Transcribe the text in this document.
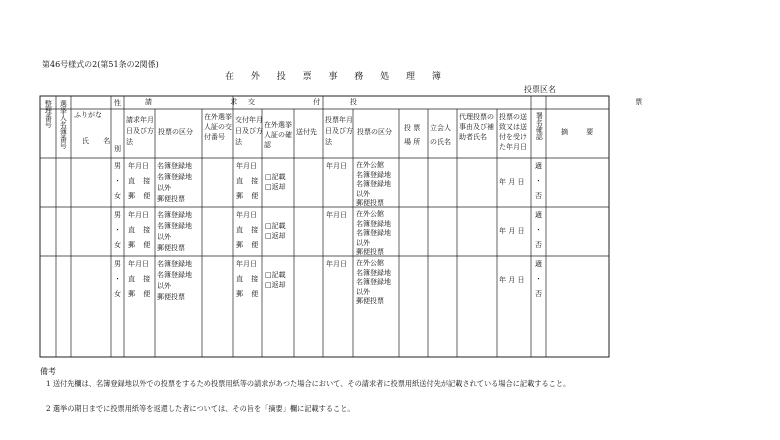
第46号様式の2(第51条の2関係)
在 外 投 票 事 務 処 理 簿
投票区名
整理番号 選挙人名簿番号 ふりがな
氏 名
性
別
請 求
交 付 投 票
請求年月日及び方法
投票の区分
在外選挙人証の交付番号
交付年月日及び方法
在外選挙人証の確認
送付先
投票年月日及び方法
投票の区分 投 票 場 所
立会人の氏名
代理投票の事由及び補助者氏名
投票の送致又は送付を受けた年月日
署名確認	摘 要
男
・
女
年月日
直 接
郵 便
名簿登録地
名簿登録地
以外
郵便投票
年月日
直 接
郵 便
□記載
□返却
年月日 在外公館
名簿登録地
名簿登録地
以外
郵便投票
年 月 日
適
・
否
男
・
女
年月日
直 接
郵 便
名簿登録地
名簿登録地
以外
郵便投票
年月日
直 接
郵 便
□記載
□返却
年月日 在外公館
名簿登録地
名簿登録地
以外
郵便投票
年 月 日
適
・
否
男
・
女
年月日
直 接
郵 便
名簿登録地
名簿登録地
以外
郵便投票
年月日
直 接
郵 便
□記載
□返却
年月日 在外公館
名簿登録地
名簿登録地
以外
郵便投票
年 月 日
適
・
否
備考
1 送付先欄は、名簿登録地以外での投票をするため投票用紙等の請求があつた場合において、その請求者に投票用紙送付先が記載されている場合に記載すること。
2 選挙の期日までに投票用紙等を返還した者については、その旨を「摘要」欄に記載すること。
